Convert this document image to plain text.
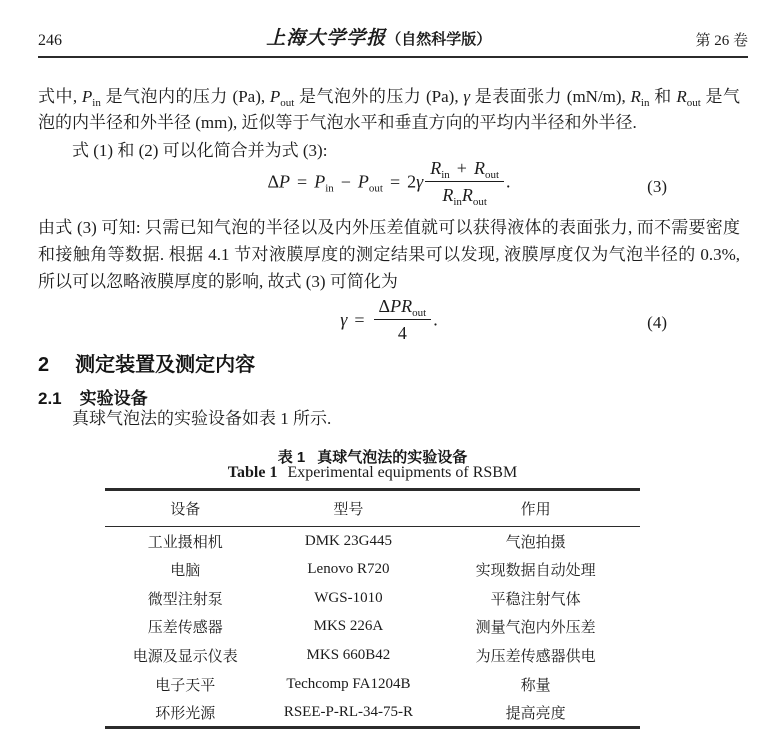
246	上海大学学报（自然科学版）	第 26 卷
式中, $P_{in}$ 是气泡内的压力 (Pa), $P_{out}$ 是气泡外的压力 (Pa), γ 是表面张力 (mN/m), $R_{in}$ 和 $R_{out}$ 是气泡的内半径和外半径 (mm), 近似等于气泡水平和垂直方向的平均内半径和外半径.
式 (1) 和 (2) 可以化简合并为式 (3):
$\Delta P = P_{in} - P_{out} = 2\gamma \frac{R_{in} + R_{out}}{R_{in}R_{out}}$ .	(3)
由式 (3) 可知: 只需已知气泡的半径以及内外压差值就可以获得液体的表面张力, 而不需要密度和接触角等数据. 根据 4.1 节对液膜厚度的测定结果可以发现, 液膜厚度仅为气泡半径的 0.3%, 所以可以忽略液膜厚度的影响, 故式 (3) 可简化为
$\gamma = \frac{\Delta PR_{out}}{4}$ .	(4)
2 测定装置及测定内容
2.1 实验设备
真球气泡法的实验设备如表 1 所示.
表 1 真球气泡法的实验设备
Table 1 Experimental equipments of RSBM
设备	型号	作用
工业摄相机	DMK 23G445	气泡拍摄
电脑	Lenovo R720	实现数据自动处理
微型注射泵	WGS-1010	平稳注射气体
压差传感器	MKS 226A	测量气泡内外压差
电源及显示仪表	MKS 660B42	为压差传感器供电
电子天平	Techcomp FA1204B	称量
环形光源	RSEE-P-RL-34-75-R	提高亮度
